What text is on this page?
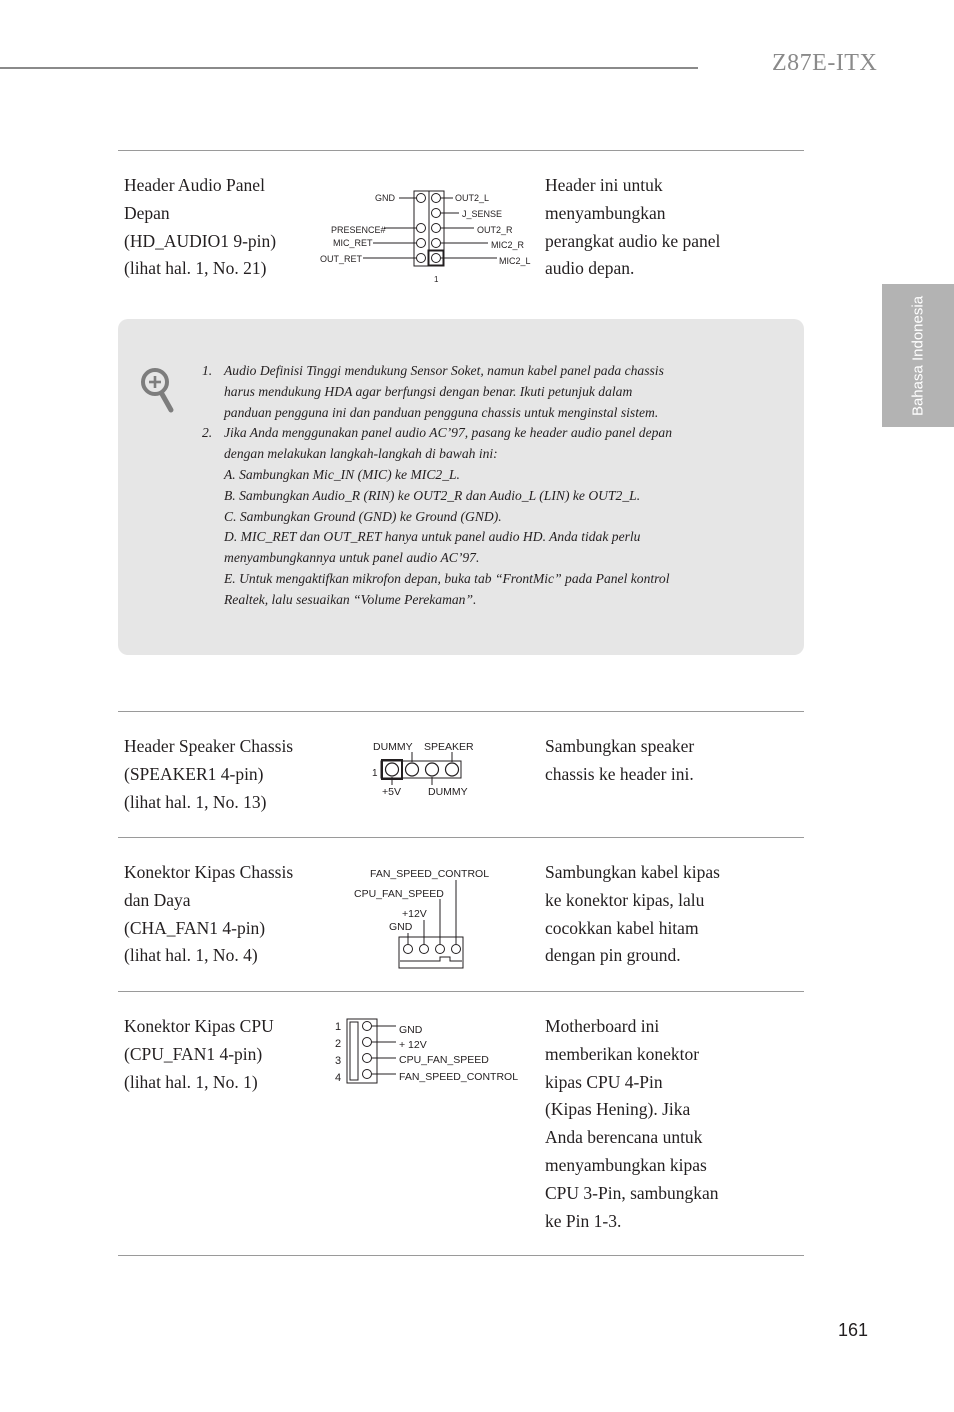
Z87E-ITX
Bahasa Indonesia
Header Audio Panel
Depan
(HD_AUDIO1 9-pin)
(lihat hal. 1, No. 21)
Header ini untuk
menyambungkan
perangkat audio ke panel
audio depan.
GND
PRESENCE#
MIC_RET
OUT_RET
OUT2_L
J_SENSE
OUT2_R
MIC2_R
MIC2_L
1
1. Audio Definisi Tinggi mendukung Sensor Soket, namun kabel panel pada chassis
harus mendukung HDA agar berfungsi dengan benar. Ikuti petunjuk dalam
panduan pengguna ini dan panduan pengguna chassis untuk menginstal sistem.
2. Jika Anda menggunakan panel audio AC’97, pasang ke header audio panel depan
dengan melakukan langkah-langkah di bawah ini:
A. Sambungkan Mic_IN (MIC) ke MIC2_L.
B. Sambungkan Audio_R (RIN) ke OUT2_R dan Audio_L (LIN) ke OUT2_L.
C. Sambungkan Ground (GND) ke Ground (GND).
D. MIC_RET dan OUT_RET hanya untuk panel audio HD. Anda tidak perlu
menyambungkannya untuk panel audio AC’97.
E. Untuk mengaktifkan mikrofon depan, buka tab “FrontMic” pada Panel kontrol
Realtek, lalu sesuaikan “Volume Perekaman”.
Header Speaker Chassis
(SPEAKER1 4-pin)
(lihat hal. 1, No. 13)
Sambungkan speaker
chassis ke header ini.
DUMMY SPEAKER
1
+5V	DUMMY
Konektor Kipas Chassis
dan Daya
(CHA_FAN1 4-pin)
(lihat hal. 1, No. 4)
Sambungkan kabel kipas
ke konektor kipas, lalu
cocokkan kabel hitam
dengan pin ground.
FAN_SPEED_CONTROL
CPU_FAN_SPEED
+12V
GND
Konektor Kipas CPU
(CPU_FAN1 4-pin)
(lihat hal. 1, No. 1)
Motherboard ini
memberikan konektor
kipas CPU 4-Pin
(Kipas Hening). Jika
Anda berencana untuk
menyambungkan kipas
CPU 3-Pin, sambungkan
ke Pin 1-3.
1
2
3
4
GND
+ 12V
CPU_FAN_SPEED
FAN_SPEED_CONTROL
161
